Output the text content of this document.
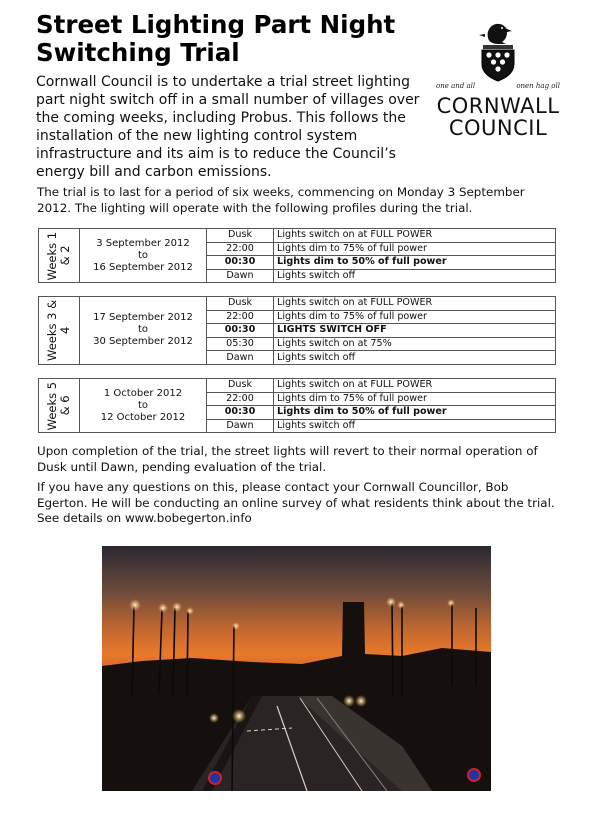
Street Lighting Part Night Switching Trial

Cornwall Council is to undertake a trial street lighting part night switch off in a small number of villages over the coming weeks, including Probus. This follows the installation of the new lighting control system infrastructure and its aim is to reduce the Council’s energy bill and carbon emissions.

one and all	onen hag oll
CORNWALL
COUNCIL

The trial is to last for a period of six weeks, commencing on Monday 3 September 2012. The lighting will operate with the following profiles during the trial.

Weeks 1 & 2	3 September 2012
to
16 September 2012	Dusk	Lights switch on at FULL POWER
		22:00	Lights dim to 75% of full power
		00:30	Lights dim to 50% of full power
		Dawn	Lights switch off
Weeks 3 & 4	17 September 2012
to
30 September 2012	Dusk	Lights switch on at FULL POWER
		22:00	Lights dim to 75% of full power
		00:30	LIGHTS SWITCH OFF
		05:30	Lights switch on at 75%
		Dawn	Lights switch off
Weeks 5 & 6	1 October 2012
to
12 October 2012	Dusk	Lights switch on at FULL POWER
		22:00	Lights dim to 75% of full power
		00:30	Lights dim to 50% of full power
		Dawn	Lights switch off

Upon completion of the trial, the street lights will revert to their normal operation of Dusk until Dawn, pending evaluation of the trial.

If you have any questions on this, please contact your Cornwall Councillor, Bob Egerton. He will be conducting an online survey of what residents think about the trial. See details on www.bobegerton.info
